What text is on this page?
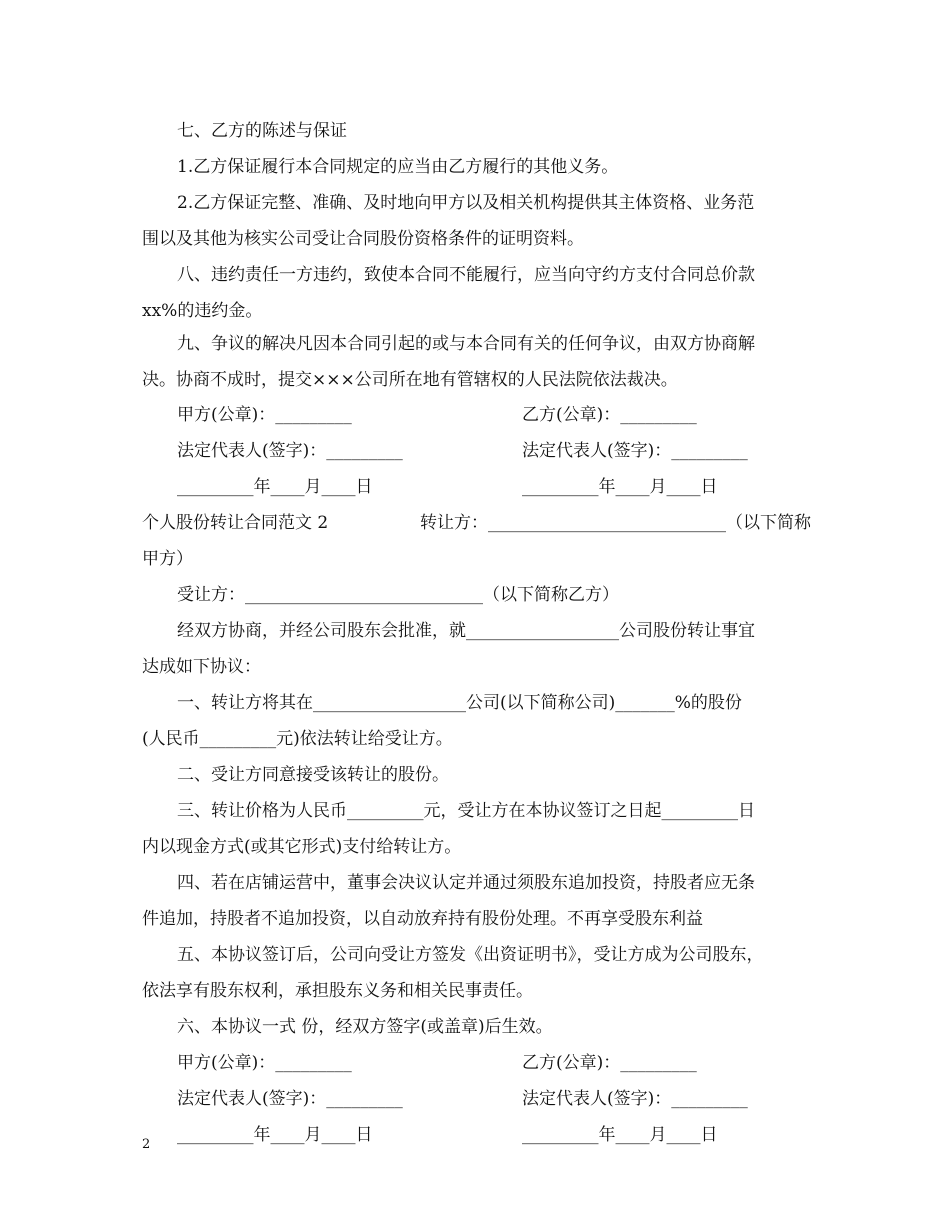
七、乙方的陈述与保证
1.乙方保证履行本合同规定的应当由乙方履行的其他义务。
2.乙方保证完整、准确、及时地向甲方以及相关机构提供其主体资格、业务范
围以及其他为核实公司受让合同股份资格条件的证明资料。
八、违约责任一方违约，致使本合同不能履行，应当向守约方支付合同总价款
xx%的违约金。
九、争议的解决凡因本合同引起的或与本合同有关的任何争议，由双方协商解
决。协商不成时，提交×××公司所在地有管辖权的人民法院依法裁决。
甲方(公章)：_________	乙方(公章)：_________
法定代表人(签字)：_________	法定代表人(签字)：_________
_________年____月____日	_________年____月____日
个人股份转让合同范文 2	转让方：____________________________（以下简称
甲方）
受让方：____________________________（以下简称乙方）
经双方协商，并经公司股东会批准，就__________________公司股份转让事宜
达成如下协议：
一、转让方将其在__________________公司(以下简称公司)_______%的股份
(人民币_________元)依法转让给受让方。
二、受让方同意接受该转让的股份。
三、转让价格为人民币_________元，受让方在本协议签订之日起_________日
内以现金方式(或其它形式)支付给转让方。
四、若在店铺运营中，董事会决议认定并通过须股东追加投资，持股者应无条
件追加，持股者不追加投资，以自动放弃持有股份处理。不再享受股东利益
五、本协议签订后，公司向受让方签发《出资证明书》，受让方成为公司股东，
依法享有股东权利，承担股东义务和相关民事责任。
六、本协议一式 份，经双方签字(或盖章)后生效。
甲方(公章)：_________	乙方(公章)：_________
法定代表人(签字)：_________	法定代表人(签字)：_________
_________年____月____日	_________年____月____日
2
